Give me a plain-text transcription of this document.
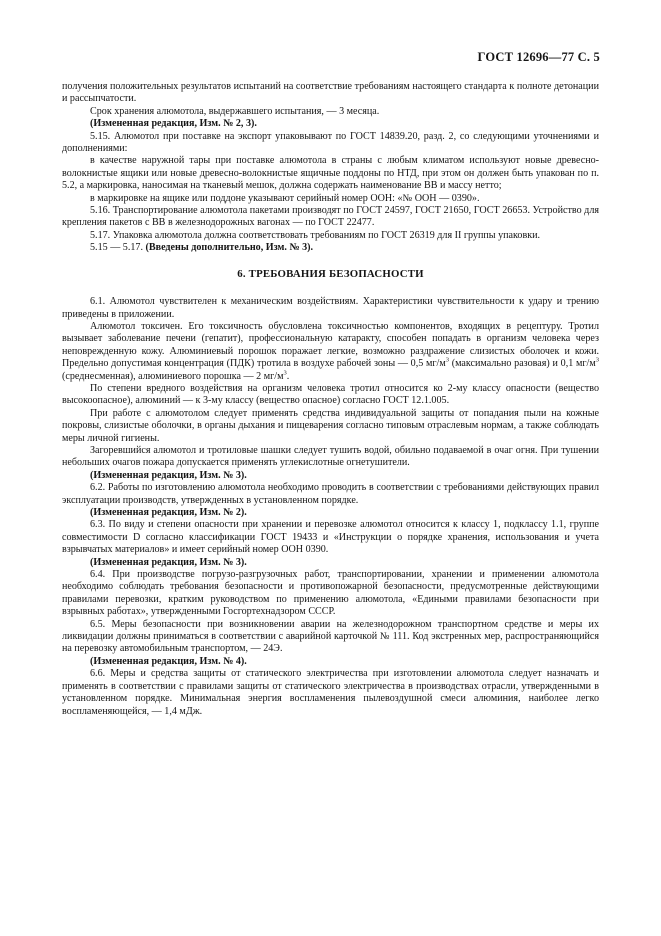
ГОСТ 12696—77 С. 5

получения положительных результатов испытаний на соответствие требованиям настоящего стандарта к полноте детонации и рассыпчатости.

Срок хранения алюмотола, выдержавшего испытания, — 3 месяца.

(Измененная редакция, Изм. № 2, 3).

5.15. Алюмотол при поставке на экспорт упаковывают по ГОСТ 14839.20, разд. 2, со следующими уточнениями и дополнениями:

в качестве наружной тары при поставке алюмотола в страны с любым климатом используют новые древесно-волокнистые ящики или новые древесно-волокнистые ящичные поддоны по НТД, при этом он должен быть упакован по п. 5.2, а маркировка, наносимая на тканевый мешок, должна содержать наименование ВВ и массу нетто;

в маркировке на ящике или поддоне указывают серийный номер ООН: «№ ООН — 0390».

5.16. Транспортирование алюмотола пакетами производят по ГОСТ 24597, ГОСТ 21650, ГОСТ 26653. Устройство для крепления пакетов с ВВ в железнодорожных вагонах — по ГОСТ 22477.

5.17. Упаковка алюмотола должна соответствовать требованиям по ГОСТ 26319 для II группы упаковки.

5.15 — 5.17. (Введены дополнительно, Изм. № 3).

6. ТРЕБОВАНИЯ БЕЗОПАСНОСТИ

6.1. Алюмотол чувствителен к механическим воздействиям. Характеристики чувствительности к удару и трению приведены в приложении.

Алюмотол токсичен. Его токсичность обусловлена токсичностью компонентов, входящих в рецептуру. Тротил вызывает заболевание печени (гепатит), профессиональную катаракту, способен попадать в организм человека через неповрежденную кожу. Алюминиевый порошок поражает легкие, возможно раздражение слизистых оболочек и кожи. Предельно допустимая концентрация (ПДК) тротила в воздухе рабочей зоны — 0,5 $мг/м^3$ (максимально разовая) и 0,1 $мг/м^3$ (среднесменная), алюминиевого порошка — 2 $мг/м^3$.

По степени вредного воздействия на организм человека тротил относится ко 2-му классу опасности (вещество высокоопасное), алюминий — к 3-му классу (вещество опасное) согласно ГОСТ 12.1.005.

При работе с алюмотолом следует применять средства индивидуальной защиты от попадания пыли на кожные покровы, слизистые оболочки, в органы дыхания и пищеварения согласно типовым отраслевым нормам, а также соблюдать меры личной гигиены.

Загоревшийся алюмотол и тротиловые шашки следует тушить водой, обильно подаваемой в очаг огня. При тушении небольших очагов пожара допускается применять углекислотные огнетушители.

(Измененная редакция, Изм. № 3).

6.2. Работы по изготовлению алюмотола необходимо проводить в соответствии с требованиями действующих правил эксплуатации производств, утвержденных в установленном порядке.

(Измененная редакция, Изм. № 2).

6.3. По виду и степени опасности при хранении и перевозке алюмотол относится к классу 1, подклассу 1.1, группе совместимости D согласно классификации ГОСТ 19433 и «Инструкции о порядке хранения, использования и учета взрывчатых материалов» и имеет серийный номер ООН 0390.

(Измененная редакция, Изм. № 3).

6.4. При производстве погрузо-разгрузочных работ, транспортировании, хранении и применении алюмотола необходимо соблюдать требования безопасности и противопожарной безопасности, предусмотренные действующими правилами перевозки, кратким руководством по применению алюмотола, «Едиными правилами безопасности при взрывных работах», утвержденными Госгортехнадзором СССР.

6.5. Меры безопасности при возникновении аварии на железнодорожном транспортном средстве и меры их ликвидации должны приниматься в соответствии с аварийной карточкой № 111. Код экстренных мер, распространяющийся на перевозку автомобильным транспортом, — 24Э.

(Измененная редакция, Изм. № 4).

6.6. Меры и средства защиты от статического электричества при изготовлении алюмотола следует назначать и применять в соответствии с правилами защиты от статического электричества в производствах отрасли, утвержденными в установленном порядке. Минимальная энергия воспламенения пылевоздушной смеси алюминия, наиболее легко воспламеняющейся, — 1,4 мДж.
